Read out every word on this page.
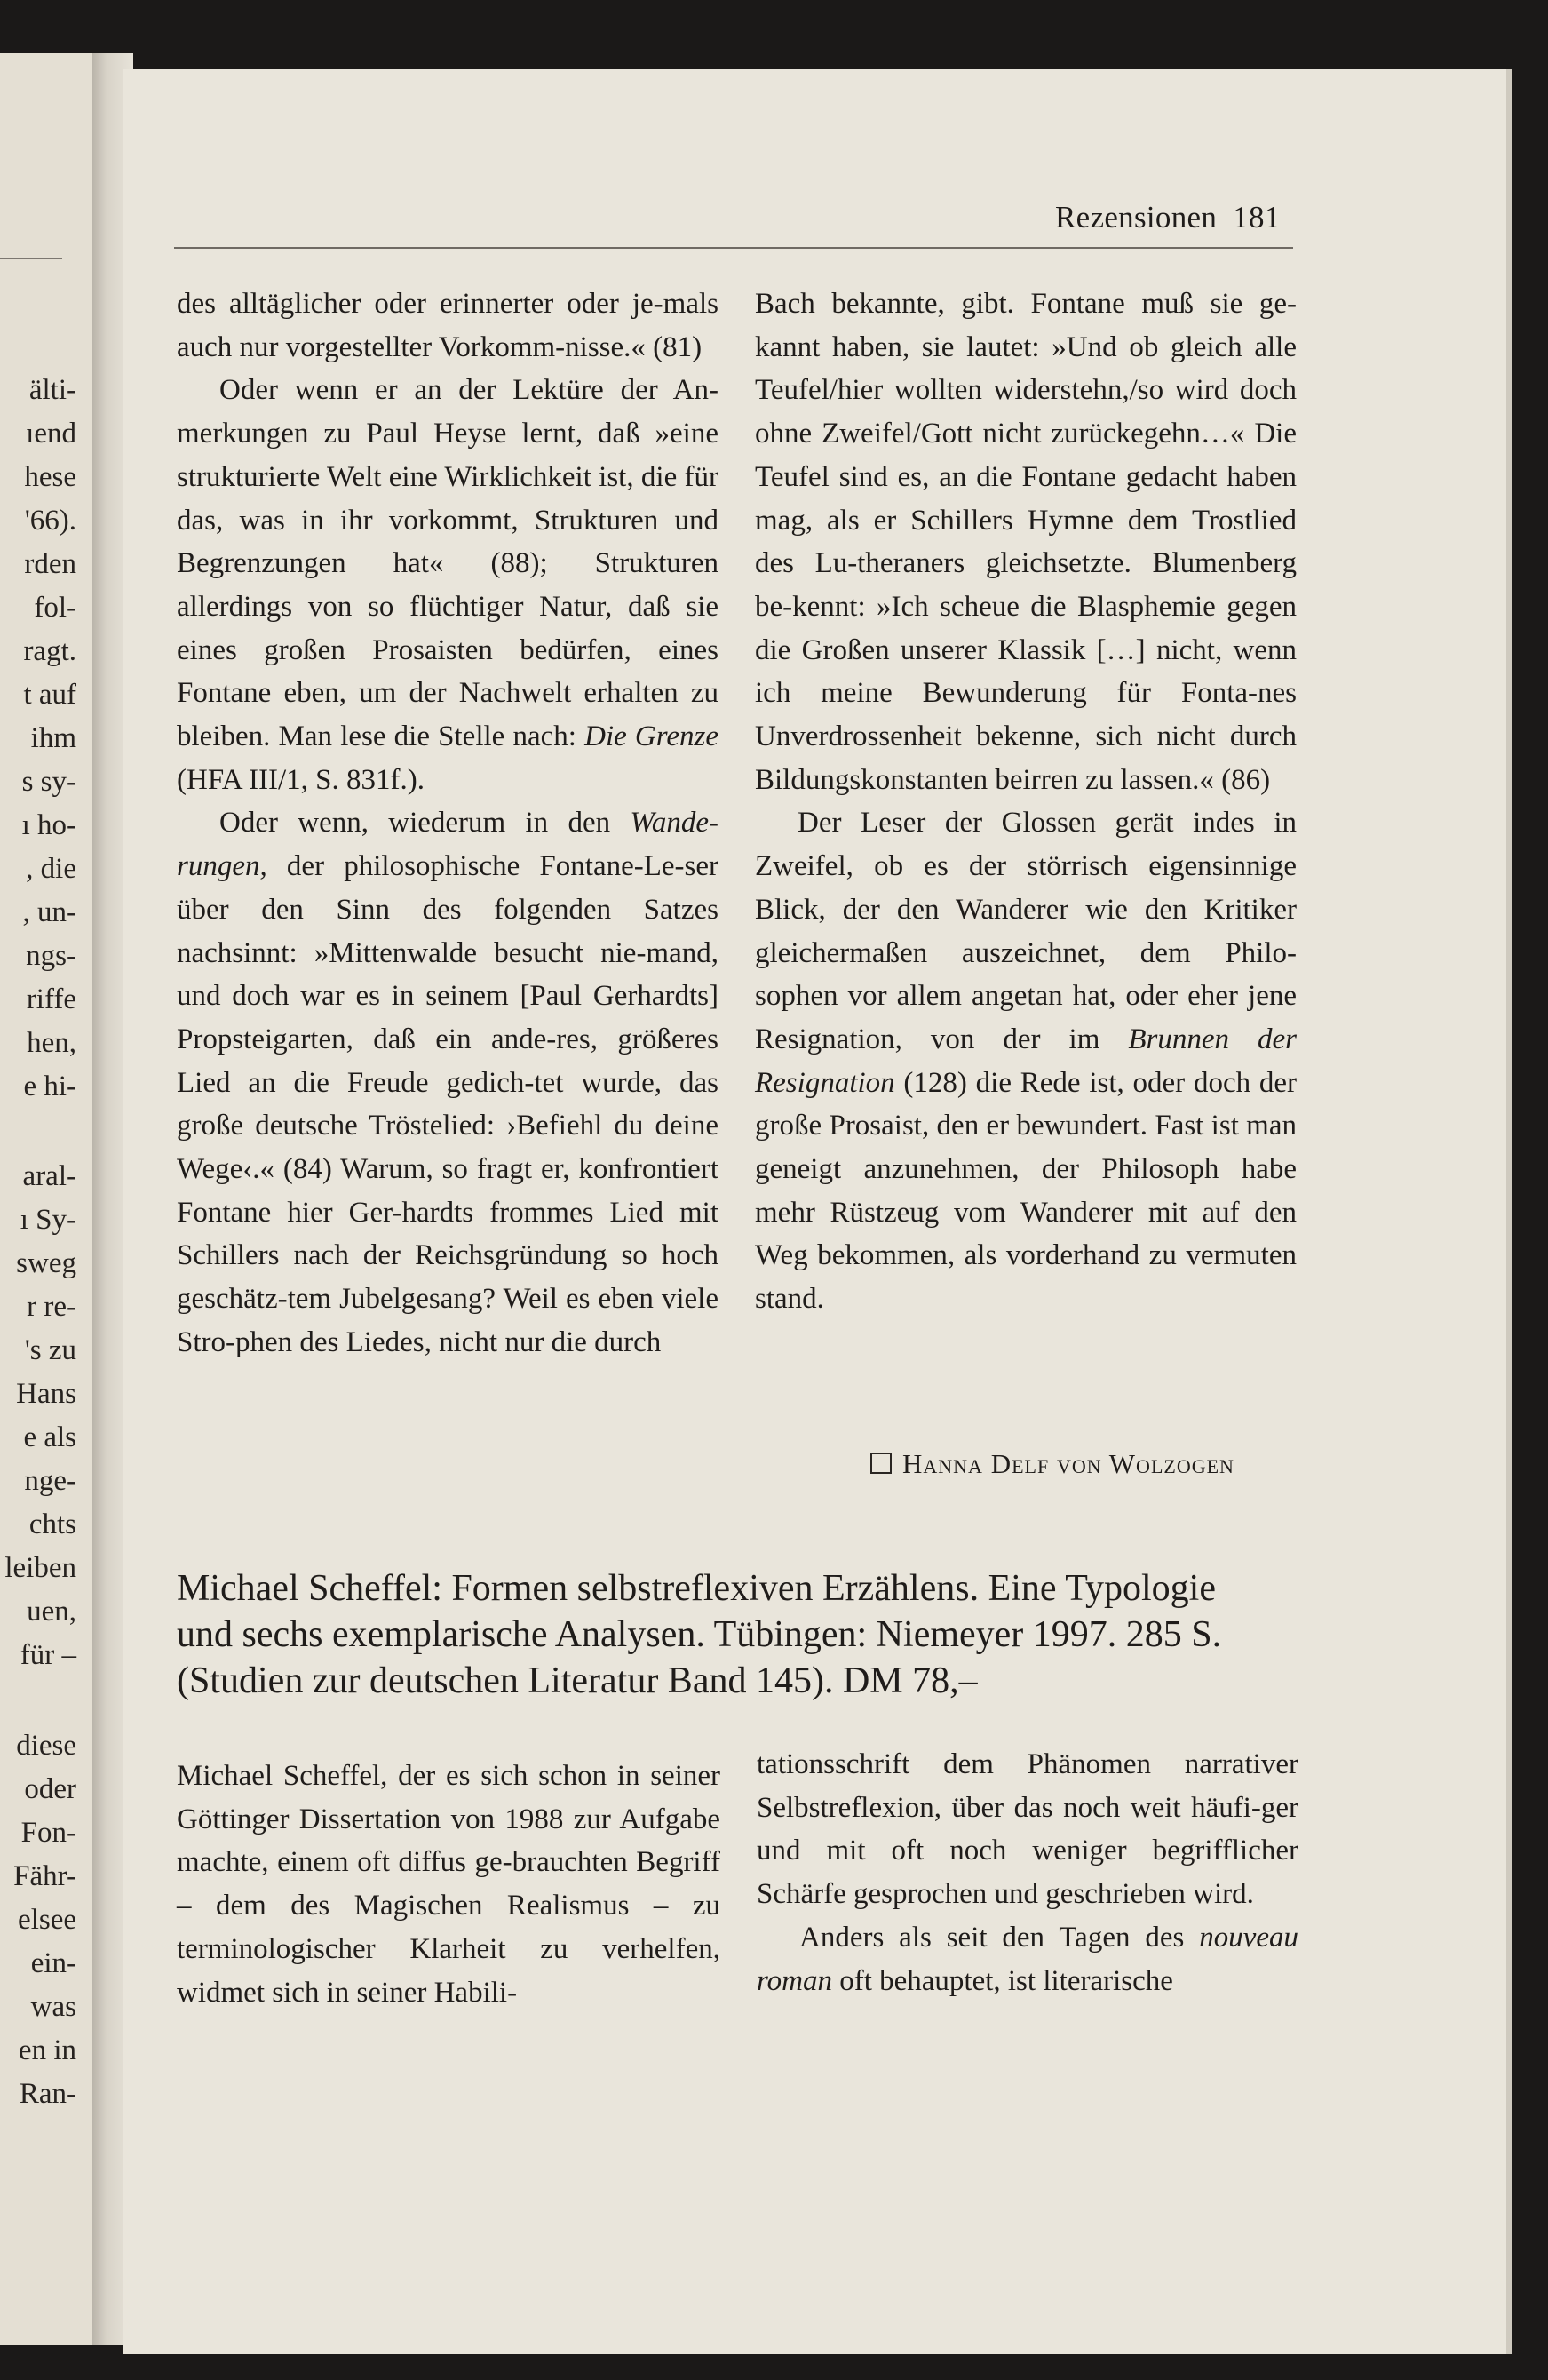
älti-
ıend
hese
'66).
rden
fol-
ragt.
t auf
ihm
s sy-
ı ho-
, die
, un-
ngs-
riffe
hen,
e hi-
aral-
ı Sy-
sweg
r re-
's zu
Hans
e als
nge-
chts
leiben
uen,
für –
diese
oder
Fon-
Fähr-
elsee
ein-
was
en in
Ran-
Rezensionen 181

des alltäglicher oder erinnerter oder je-mals auch nur vorgestellter Vorkomm-nisse.« (81)

Oder wenn er an der Lektüre der An-merkungen zu Paul Heyse lernt, daß »eine strukturierte Welt eine Wirklichkeit ist, die für das, was in ihr vorkommt, Strukturen und Begrenzungen hat« (88); Strukturen allerdings von so flüchtiger Natur, daß sie eines großen Prosaisten bedürfen, eines Fontane eben, um der Nachwelt erhalten zu bleiben. Man lese die Stelle nach: Die Grenze (HFA III/1, S. 831f.).

Oder wenn, wiederum in den Wande-rungen, der philosophische Fontane-Le-ser über den Sinn des folgenden Satzes nachsinnt: »Mittenwalde besucht nie-mand, und doch war es in seinem [Paul Gerhardts] Propsteigarten, daß ein ande-res, größeres Lied an die Freude gedich-tet wurde, das große deutsche Tröstelied: ›Befiehl du deine Wege‹.« (84) Warum, so fragt er, konfrontiert Fontane hier Ger-hardts frommes Lied mit Schillers nach der Reichsgründung so hoch geschätz-tem Jubelgesang? Weil es eben viele Stro-phen des Liedes, nicht nur die durch

Bach bekannte, gibt. Fontane muß sie ge-kannt haben, sie lautet: »Und ob gleich alle Teufel/hier wollten widerstehn,/so wird doch ohne Zweifel/Gott nicht zurückegehn…« Die Teufel sind es, an die Fontane gedacht haben mag, als er Schillers Hymne dem Trostlied des Lu-theraners gleichsetzte. Blumenberg be-kennt: »Ich scheue die Blasphemie gegen die Großen unserer Klassik […] nicht, wenn ich meine Bewunderung für Fonta-nes Unverdrossenheit bekenne, sich nicht durch Bildungskonstanten beirren zu lassen.« (86)

Der Leser der Glossen gerät indes in Zweifel, ob es der störrisch eigensinnige Blick, der den Wanderer wie den Kritiker gleichermaßen auszeichnet, dem Philo-sophen vor allem angetan hat, oder eher jene Resignation, von der im Brunnen der Resignation (128) die Rede ist, oder doch der große Prosaist, den er bewundert. Fast ist man geneigt anzunehmen, der Philosoph habe mehr Rüstzeug vom Wanderer mit auf den Weg bekommen, als vorderhand zu vermuten stand.

Hanna Delf von Wolzogen
Michael Scheffel: Formen selbstreflexiven Erzählens. Eine Typologie
und sechs exemplarische Analysen. Tübingen: Niemeyer 1997. 285 S.
(Studien zur deutschen Literatur Band 145). DM 78,–

Michael Scheffel, der es sich schon in seiner Göttinger Dissertation von 1988 zur Aufgabe machte, einem oft diffus ge-brauchten Begriff – dem des Magischen Realismus – zu terminologischer Klarheit zu verhelfen, widmet sich in seiner Habili-

tationsschrift dem Phänomen narrativer Selbstreflexion, über das noch weit häufi-ger und mit oft noch weniger begrifflicher Schärfe gesprochen und geschrieben wird.

Anders als seit den Tagen des nouveau roman oft behauptet, ist literarische
